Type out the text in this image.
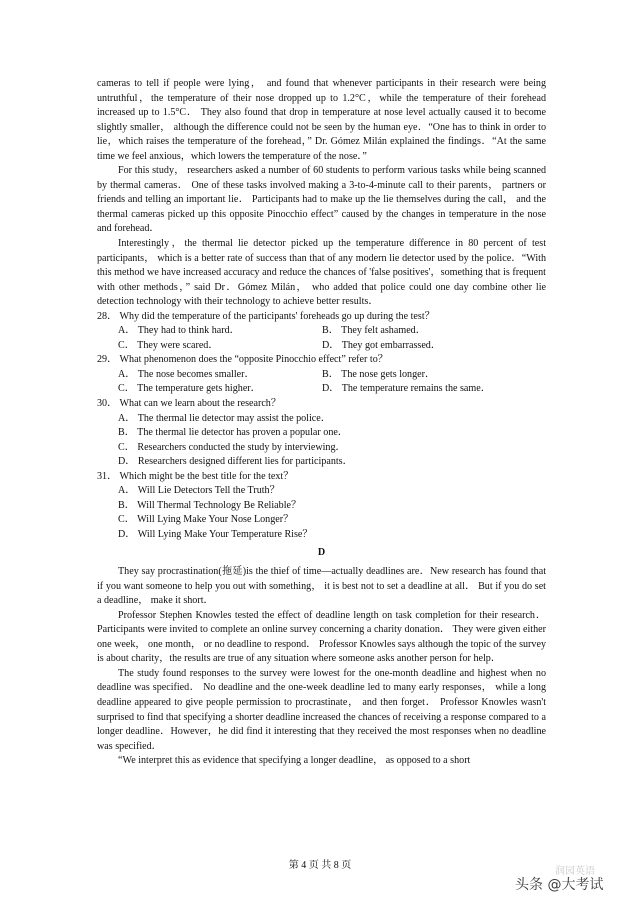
cameras to tell if people were lying， and found that whenever participants in their research were being untruthful，the temperature of their nose dropped up to 1.2°C，while the temperature of their forehead increased up to 1.5°C． They also found that drop in temperature at nose level actually caused it to become slightly smaller， although the difference could not be seen by the human eye．“One has to think in order to lie，which raises the temperature of the forehead，” Dr. Gómez Milán explained the findings．“At the same time we feel anxious，which lowers the temperature of the nose．”

For this study， researchers asked a number of 60 students to perform various tasks while being scanned by thermal cameras． One of these tasks involved making a 3-to-4-minute call to their parents， partners or friends and telling an important lie． Participants had to make up the lie themselves during the call， and the thermal cameras picked up this opposite Pinocchio effect” caused by the changes in temperature in the nose and forehead．

Interestingly，the thermal lie detector picked up the temperature difference in 80 percent of test participants， which is a better rate of success than that of any modern lie detector used by the police．“With this method we have increased accuracy and reduce the chances of 'false positives'，something that is frequent with other methods，” said Dr．Gómez Milán， who added that police could one day combine other lie detection technology with their technology to achieve better results．

28． Why did the temperature of the participants' foreheads go up during the test？

A． They had to think hard．	B． They felt ashamed．
C． They were scared．	D． They got embarrassed．

29． What phenomenon does the “opposite Pinocchio effect” refer to？

A． The nose becomes smaller．	B． The nose gets longer．
C． The temperature gets higher．	D． The temperature remains the same．

30． What can we learn about the research？

A． The thermal lie detector may assist the police．
B． The thermal lie detector has proven a popular one．
C． Researchers conducted the study by interviewing．
D． Researchers designed different lies for participants．

31． Which might be the best title for the text？

A． Will Lie Detectors Tell the Truth？
B． Will Thermal Technology Be Reliable？
C． Will Lying Make Your Nose Longer？
D． Will Lying Make Your Temperature Rise？
D

They say procrastination(拖延)is the thief of time—actually deadlines are．New research has found that if you want someone to help you out with something， it is best not to set a deadline at all． But if you do set a deadline， make it short．

Professor Stephen Knowles tested the effect of deadline length on task completion for their research． Participants were invited to complete an online survey concerning a charity donation． They were given either one week， one month， or no deadline to respond． Professor Knowles says although the topic of the survey is about charity，the results are true of any situation where someone asks another person for help．

The study found responses to the survey were lowest for the one-month deadline and highest when no deadline was specified． No deadline and the one-week deadline led to many early responses， while a long deadline appeared to give people permission to procrastinate， and then forget． Professor Knowles wasn't surprised to find that specifying a shorter deadline increased the chances of receiving a response compared to a longer deadline．However，he did find it interesting that they received the most responses when no deadline was specified．

“We interpret this as evidence that specifying a longer deadline， as opposed to a short

第 4 页 共 8 页
润园英语
头条 @大考试
